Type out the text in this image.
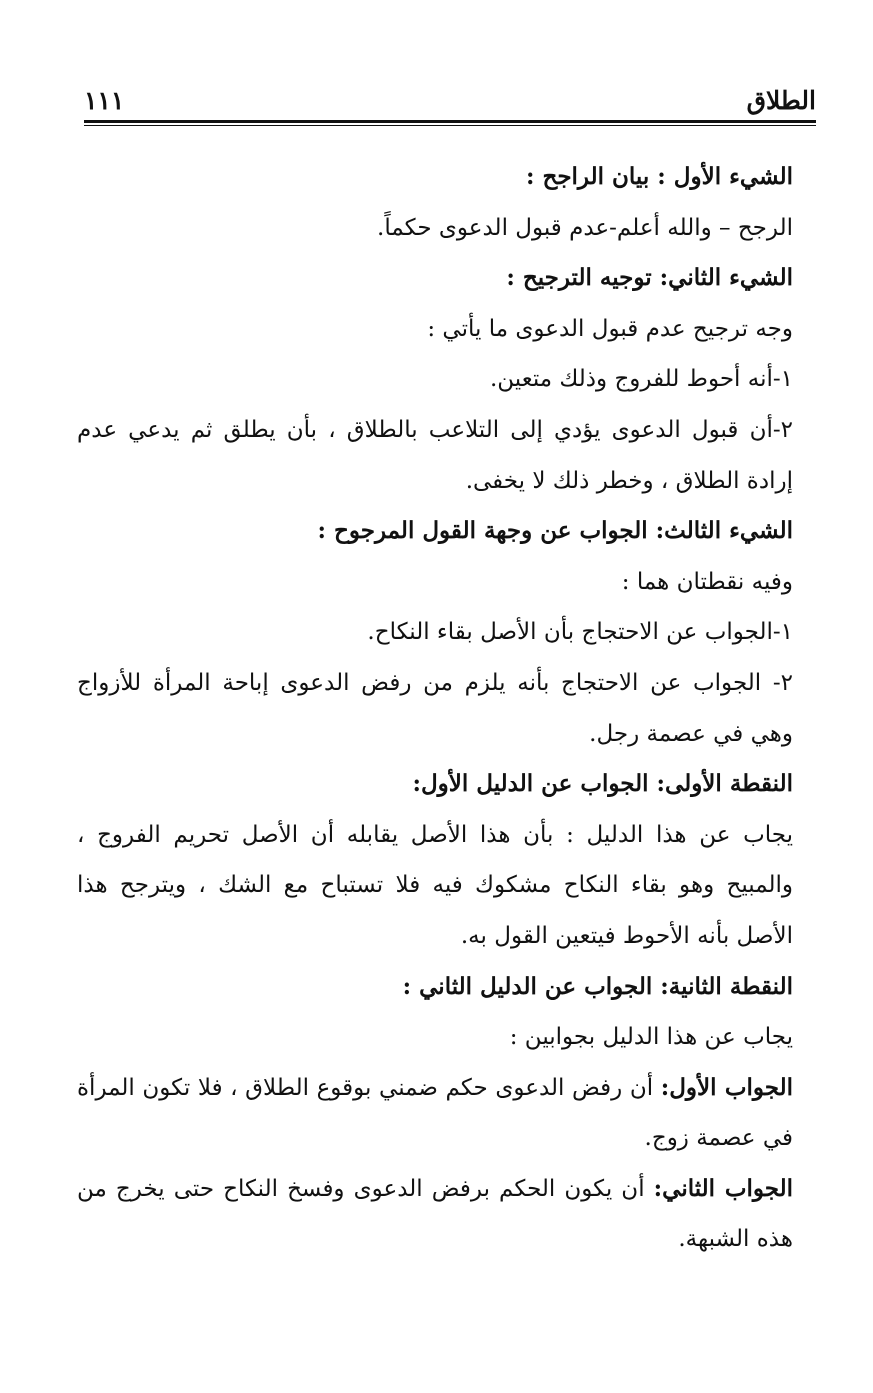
الطلاق
١١١

الشيء الأول : بيان الراجح :

الرجح – والله أعلم-عدم قبول الدعوى حكماً.

الشيء الثاني: توجيه الترجيح :

وجه ترجيح عدم قبول الدعوى ما يأتي :

١-أنه أحوط للفروج وذلك متعين.

٢-أن قبول الدعوى يؤدي إلى التلاعب بالطلاق ، بأن يطلق ثم يدعي عدم إرادة الطلاق ، وخطر ذلك لا يخفى.

الشيء الثالث: الجواب عن وجهة القول المرجوح :

وفيه نقطتان هما :

١-الجواب عن الاحتجاج بأن الأصل بقاء النكاح.

٢- الجواب عن الاحتجاج بأنه يلزم من رفض الدعوى إباحة المرأة للأزواج وهي في عصمة رجل.

النقطة الأولى: الجواب عن الدليل الأول:

يجاب عن هذا الدليل : بأن هذا الأصل يقابله أن الأصل تحريم الفروج ، والمبيح وهو بقاء النكاح مشكوك فيه فلا تستباح مع الشك ، ويترجح هذا الأصل بأنه الأحوط فيتعين القول به.

النقطة الثانية: الجواب عن الدليل الثاني :

يجاب عن هذا الدليل بجوابين :

الجواب الأول: أن رفض الدعوى حكم ضمني بوقوع الطلاق ، فلا تكون المرأة في عصمة زوج.

الجواب الثاني: أن يكون الحكم برفض الدعوى وفسخ النكاح حتى يخرج من هذه الشبهة.
